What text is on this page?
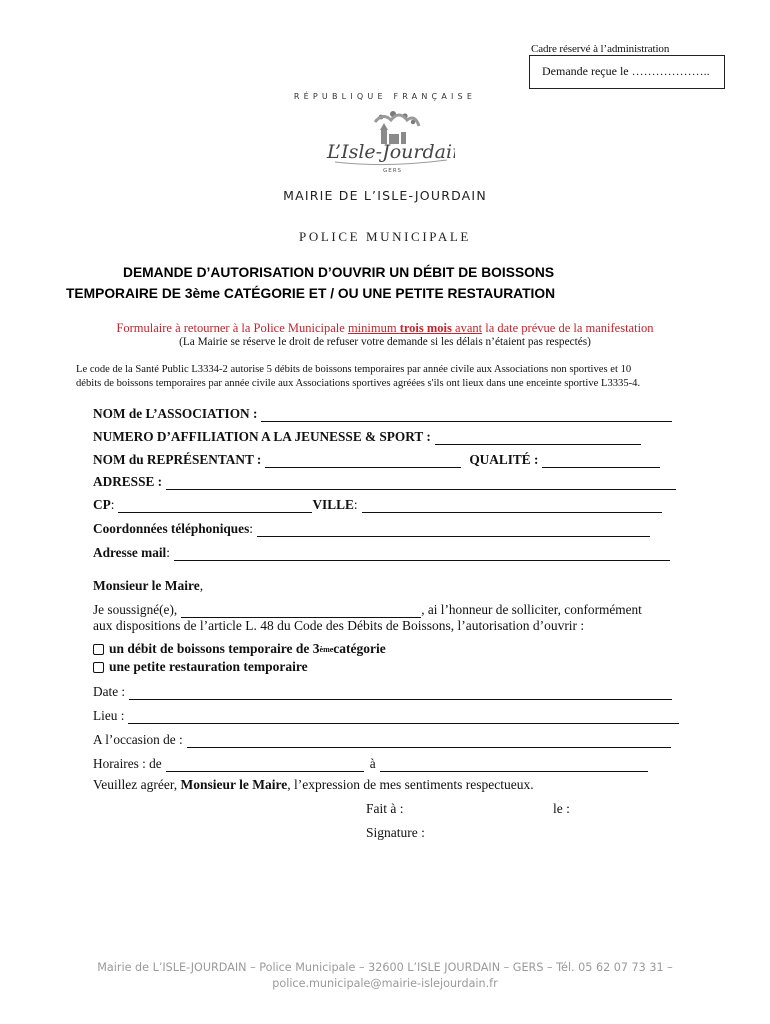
Cadre réservé à l’administration
Demande reçue le ………………..
RÉPUBLIQUE FRANÇAISE
L’Isle-Jourdain
GERS
MAIRIE DE L’ISLE-JOURDAIN
POLICE MUNICIPALE
DEMANDE D’AUTORISATION D’OUVRIR UN DÉBIT DE BOISSONS
TEMPORAIRE DE 3ème CATÉGORIE ET / OU UNE PETITE RESTAURATION
Formulaire à retourner à la Police Municipale minimum trois mois avant la date prévue de la manifestation
(La Mairie se réserve le droit de refuser votre demande si les délais n’étaient pas respectés)
Le code de la Santé Public L3334-2 autorise 5 débits de boissons temporaires par année civile aux Associations non sportives et 10
débits de boissons temporaires par année civile aux Associations sportives agréées s'ils ont lieux dans une enceinte sportive L3335-4.
NOM de L’ASSOCIATION :
NUMERO D’AFFILIATION A LA JEUNESSE & SPORT :
NOM du REPRÉSENTANT :	QUALITÉ :
ADRESSE :
CP :	VILLE :
Coordonnées téléphoniques :
Adresse mail :
Monsieur le Maire,
Je soussigné(e),	, ai l’honneur de solliciter, conformément
aux dispositions de l’article L. 48 du Code des Débits de Boissons, l’autorisation d’ouvrir :
un débit de boissons temporaire de 3 ème catégorie
une petite restauration temporaire
Date :
Lieu :
A l’occasion de :
Horaires : de	à
Veuillez agréer, Monsieur le Maire, l’expression de mes sentiments respectueux.
Fait à :	le :
Signature :
Mairie de L’ISLE-JOURDAIN – Police Municipale – 32600 L’ISLE JOURDAIN – GERS – Tél. 05 62 07 73 31 –
police.municipale@mairie-islejourdain.fr
